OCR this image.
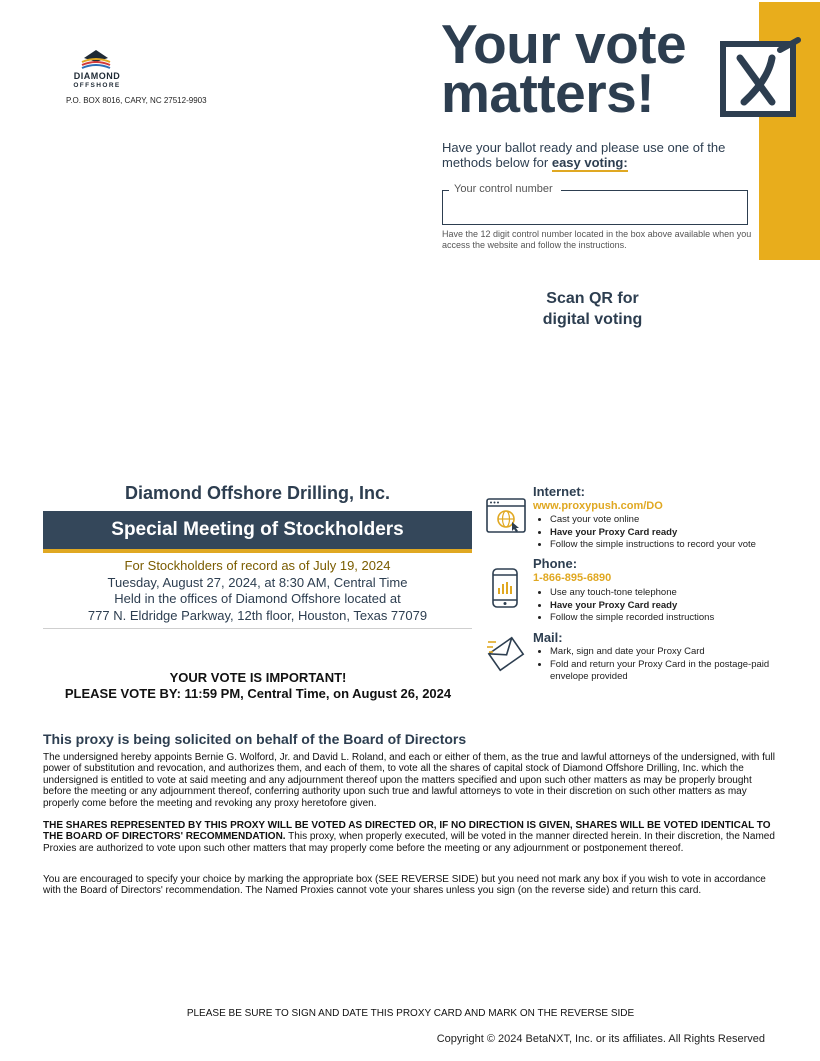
DIAMOND
OFFSHORE
P.O. BOX 8016, CARY, NC 27512-9903
Your vote
matters!
Have your ballot ready and please use one of the methods below for easy voting:
Your control number
Have the 12 digit control number located in the box above available when you access the website and follow the instructions.
Scan QR for
digital voting
Diamond Offshore Drilling, Inc.
Special Meeting of Stockholders
For Stockholders of record as of July 19, 2024
Tuesday, August 27, 2024, at 8:30 AM, Central Time
Held in the offices of Diamond Offshore located at
777 N. Eldridge Parkway, 12th floor, Houston, Texas 77079
YOUR VOTE IS IMPORTANT!
PLEASE VOTE BY: 11:59 PM, Central Time, on August 26, 2024
Internet:
www.proxypush.com/DO
• Cast your vote online
• Have your Proxy Card ready
• Follow the simple instructions to record your vote
Phone:
1-866-895-6890
• Use any touch-tone telephone
• Have your Proxy Card ready
• Follow the simple recorded instructions
Mail:
• Mark, sign and date your Proxy Card
• Fold and return your Proxy Card in the postage-paid envelope provided
This proxy is being solicited on behalf of the Board of Directors
The undersigned hereby appoints Bernie G. Wolford, Jr. and David L. Roland, and each or either of them, as the true and lawful attorneys of the undersigned, with full power of substitution and revocation, and authorizes them, and each of them, to vote all the shares of capital stock of Diamond Offshore Drilling, Inc. which the undersigned is entitled to vote at said meeting and any adjournment thereof upon the matters specified and upon such other matters as may be properly brought before the meeting or any adjournment thereof, conferring authority upon such true and lawful attorneys to vote in their discretion on such other matters as may properly come before the meeting and revoking any proxy heretofore given.
THE SHARES REPRESENTED BY THIS PROXY WILL BE VOTED AS DIRECTED OR, IF NO DIRECTION IS GIVEN, SHARES WILL BE VOTED IDENTICAL TO THE BOARD OF DIRECTORS' RECOMMENDATION. This proxy, when properly executed, will be voted in the manner directed herein. In their discretion, the Named Proxies are authorized to vote upon such other matters that may properly come before the meeting or any adjournment or postponement thereof.
You are encouraged to specify your choice by marking the appropriate box (SEE REVERSE SIDE) but you need not mark any box if you wish to vote in accordance with the Board of Directors' recommendation. The Named Proxies cannot vote your shares unless you sign (on the reverse side) and return this card.
PLEASE BE SURE TO SIGN AND DATE THIS PROXY CARD AND MARK ON THE REVERSE SIDE
Copyright © 2024 BetaNXT, Inc. or its affiliates. All Rights Reserved
